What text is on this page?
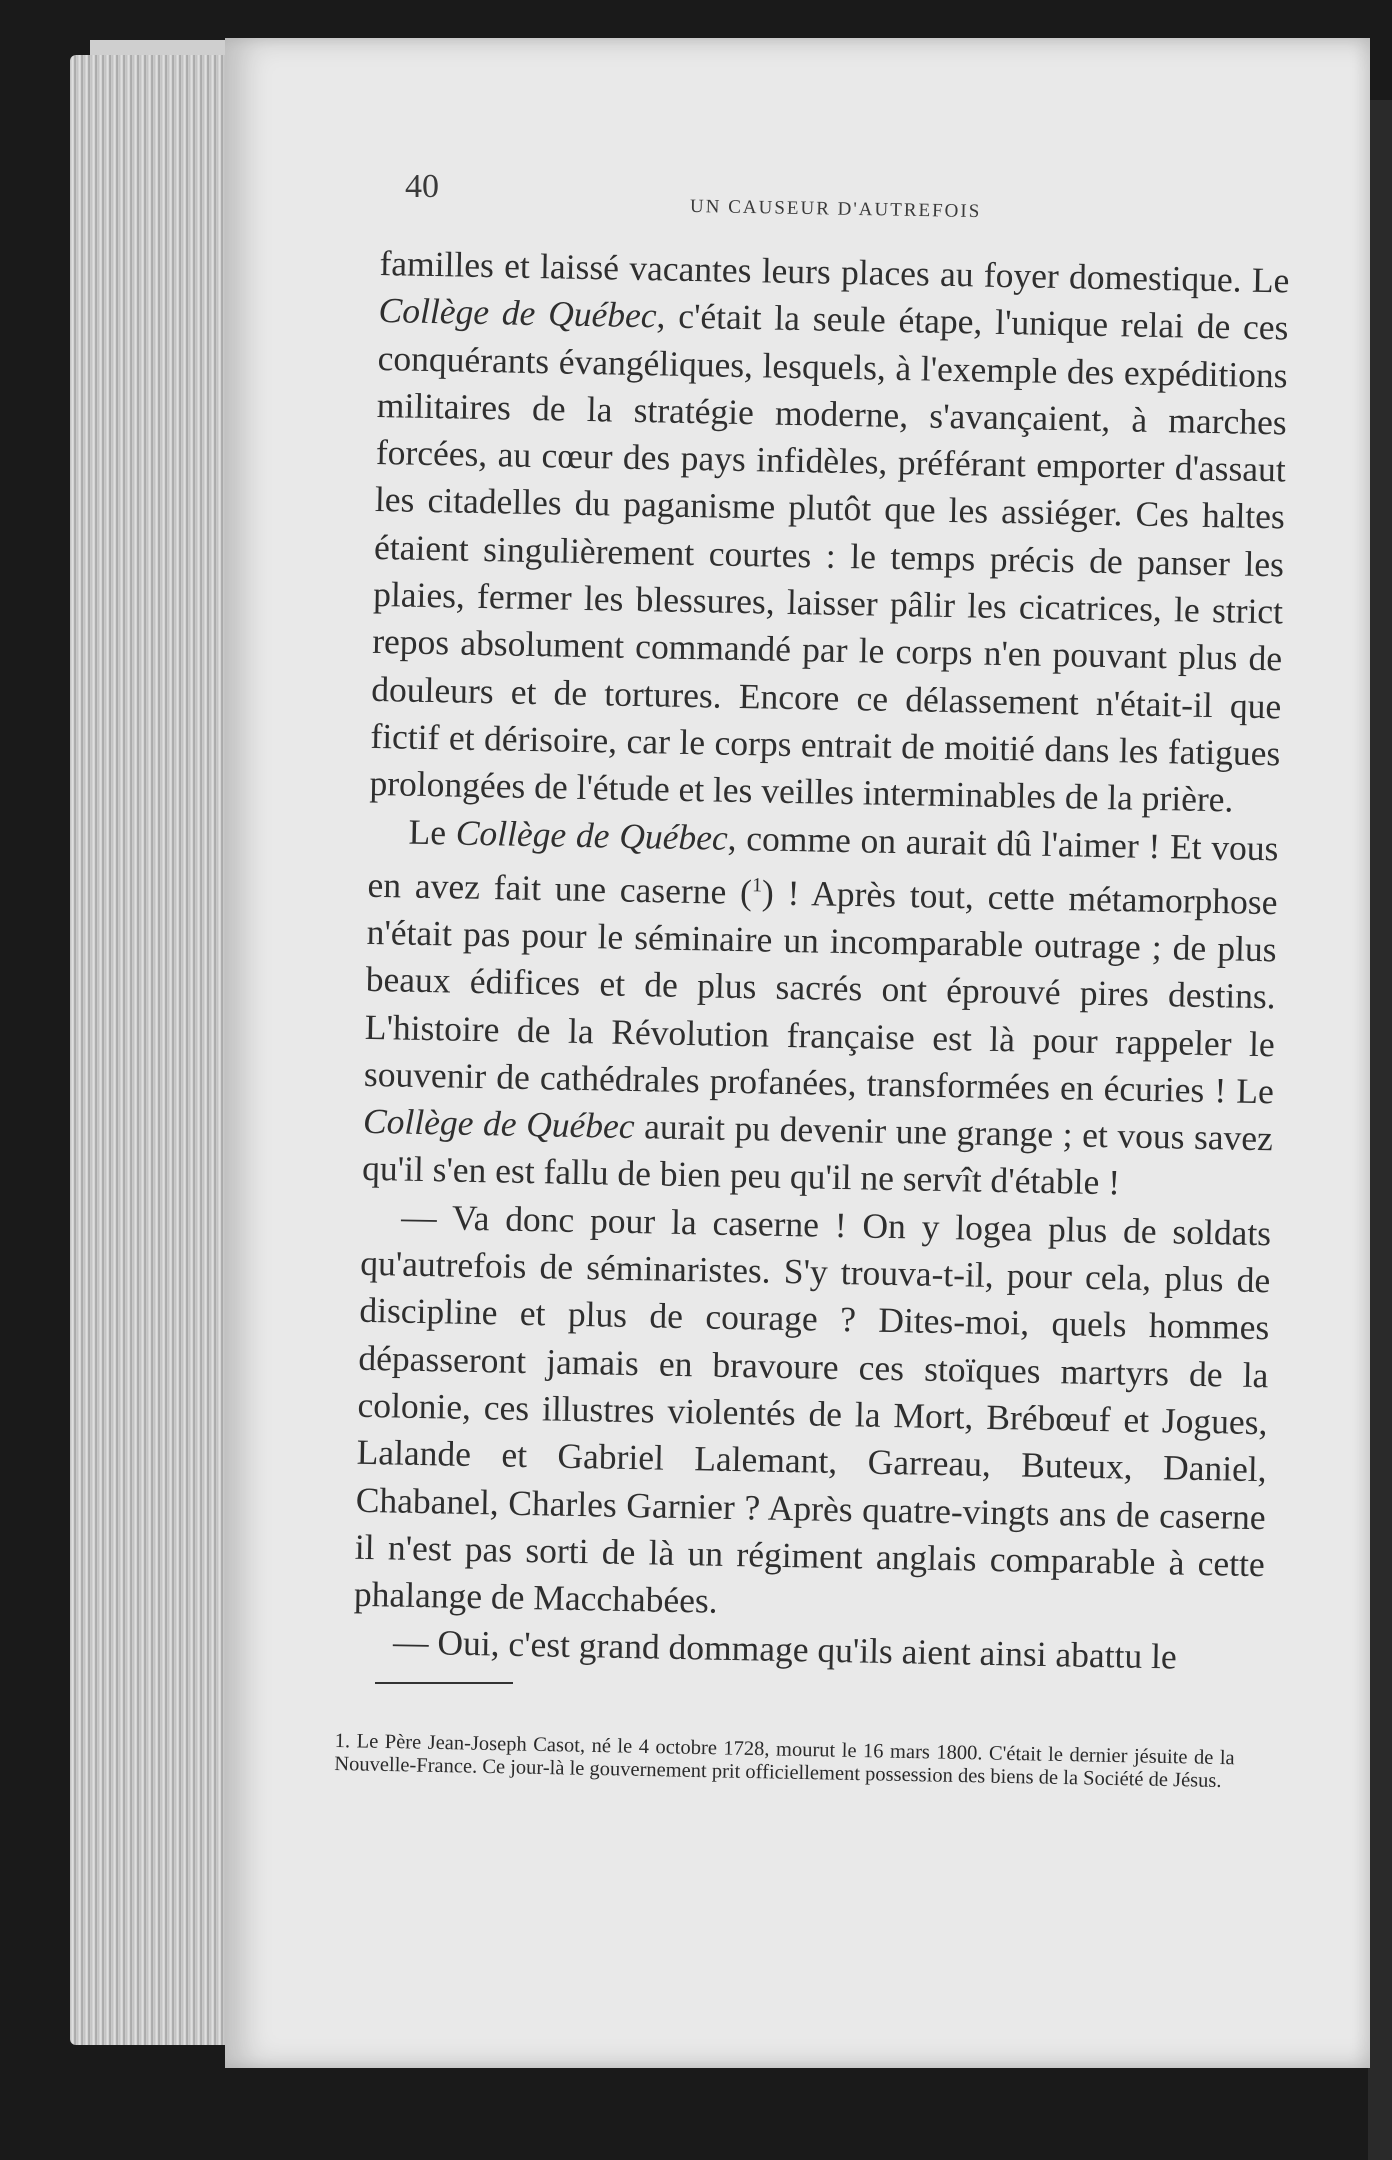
40
UN CAUSEUR D'AUTREFOIS

familles et laissé vacantes leurs places au foyer domestique. Le Collège de Québec, c'était la seule étape, l'unique relai de ces conquérants évangéliques, lesquels, à l'exemple des expéditions militaires de la stratégie moderne, s'avançaient, à marches forcées, au cœur des pays infidèles, préférant emporter d'assaut les citadelles du paganisme plutôt que les assiéger. Ces haltes étaient singulièrement courtes : le temps précis de panser les plaies, fermer les blessures, laisser pâlir les cicatrices, le strict repos absolument commandé par le corps n'en pouvant plus de douleurs et de tortures. Encore ce délassement n'était-il que fictif et dérisoire, car le corps entrait de moitié dans les fatigues prolongées de l'étude et les veilles interminables de la prière.

Le Collège de Québec, comme on aurait dû l'aimer ! Et vous en avez fait une caserne ($^1$) ! Après tout, cette métamorphose n'était pas pour le séminaire un incomparable outrage ; de plus beaux édifices et de plus sacrés ont éprouvé pires destins. L'histoire de la Révolution française est là pour rappeler le souvenir de cathédrales profanées, transformées en écuries ! Le Collège de Québec aurait pu devenir une grange ; et vous savez qu'il s'en est fallu de bien peu qu'il ne servît d'étable !

— Va donc pour la caserne ! On y logea plus de soldats qu'autrefois de séminaristes. S'y trouva-t-il, pour cela, plus de discipline et plus de courage ? Dites-moi, quels hommes dépasseront jamais en bravoure ces stoïques martyrs de la colonie, ces illustres violentés de la Mort, Brébœuf et Jogues, Lalande et Gabriel Lalemant, Garreau, Buteux, Daniel, Chabanel, Charles Garnier ? Après quatre-vingts ans de caserne il n'est pas sorti de là un régiment anglais comparable à cette phalange de Macchabées.

— Oui, c'est grand dommage qu'ils aient ainsi abattu le

1. Le Père Jean-Joseph Casot, né le 4 octobre 1728, mourut le 16 mars 1800. C'était le dernier jésuite de la Nouvelle-France. Ce jour-là le gouvernement prit officiellement possession des biens de la Société de Jésus.
